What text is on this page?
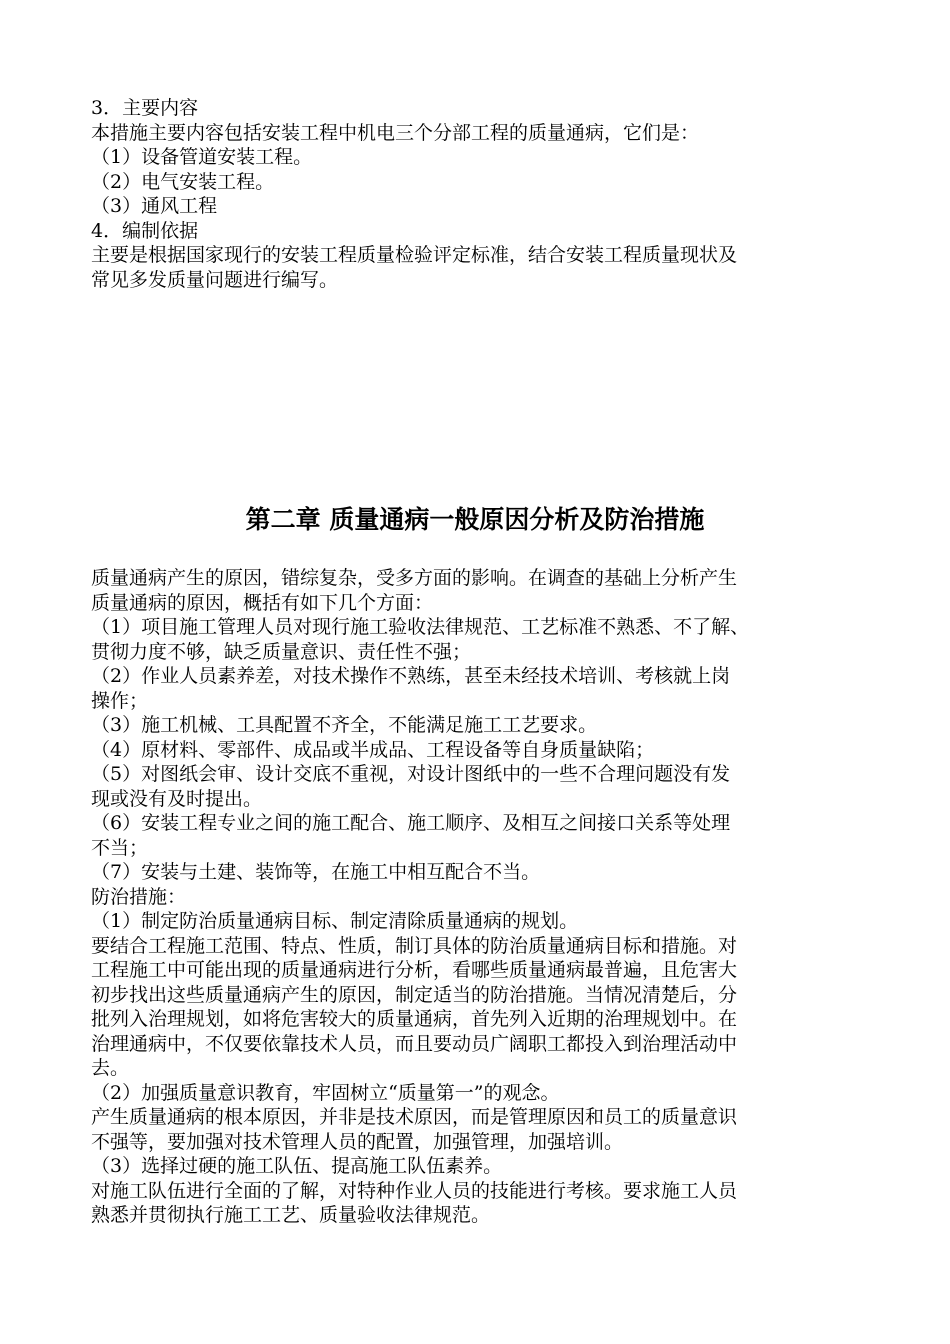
3．主要内容
本措施主要内容包括安装工程中机电三个分部工程的质量通病，它们是：
（1）设备管道安装工程。
（2）电气安装工程。
（3）通风工程
4．编制依据
主要是根据国家现行的安装工程质量检验评定标准，结合安装工程质量现状及
常见多发质量问题进行编写。
第二章 质量通病一般原因分析及防治措施
质量通病产生的原因，错综复杂，受多方面的影响。在调查的基础上分析产生
质量通病的原因，概括有如下几个方面：
（1）项目施工管理人员对现行施工验收法律规范、工艺标准不熟悉、不了解、
贯彻力度不够，缺乏质量意识、责任性不强；
（2）作业人员素养差，对技术操作不熟练，甚至未经技术培训、考核就上岗
操作；
（3）施工机械、工具配置不齐全，不能满足施工工艺要求。
（4）原材料、零部件、成品或半成品、工程设备等自身质量缺陷；
（5）对图纸会审、设计交底不重视，对设计图纸中的一些不合理问题没有发
现或没有及时提出。
（6）安装工程专业之间的施工配合、施工顺序、及相互之间接口关系等处理
不当；
（7）安装与土建、装饰等，在施工中相互配合不当。
防治措施：
（1）制定防治质量通病目标、制定清除质量通病的规划。
要结合工程施工范围、特点、性质，制订具体的防治质量通病目标和措施。对
工程施工中可能出现的质量通病进行分析，看哪些质量通病最普遍，且危害大
初步找出这些质量通病产生的原因，制定适当的防治措施。当情况清楚后，分
批列入治理规划，如将危害较大的质量通病，首先列入近期的治理规划中。在
治理通病中，不仅要依靠技术人员，而且要动员广阔职工都投入到治理活动中
去。
（2）加强质量意识教育，牢固树立“质量第一”的观念。
产生质量通病的根本原因，并非是技术原因，而是管理原因和员工的质量意识
不强等，要加强对技术管理人员的配置，加强管理，加强培训。
（3）选择过硬的施工队伍、提高施工队伍素养。
对施工队伍进行全面的了解，对特种作业人员的技能进行考核。要求施工人员
熟悉并贯彻执行施工工艺、质量验收法律规范。
